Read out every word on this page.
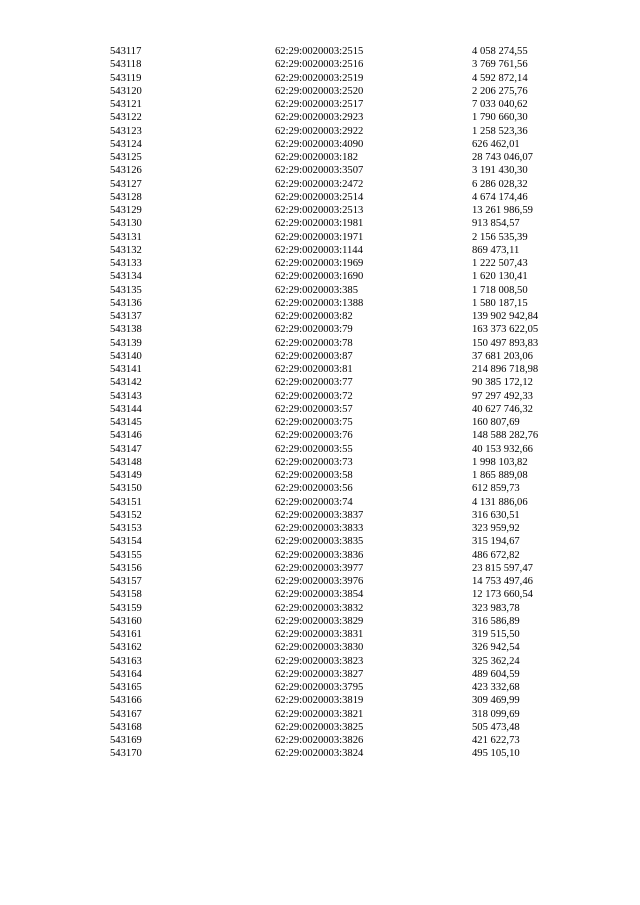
543117	62:29:0020003:2515	4 058 274,55
543118	62:29:0020003:2516	3 769 761,56
543119	62:29:0020003:2519	4 592 872,14
543120	62:29:0020003:2520	2 206 275,76
543121	62:29:0020003:2517	7 033 040,62
543122	62:29:0020003:2923	1 790 660,30
543123	62:29:0020003:2922	1 258 523,36
543124	62:29:0020003:4090	626 462,01
543125	62:29:0020003:182	28 743 046,07
543126	62:29:0020003:3507	3 191 430,30
543127	62:29:0020003:2472	6 286 028,32
543128	62:29:0020003:2514	4 674 174,46
543129	62:29:0020003:2513	13 261 986,59
543130	62:29:0020003:1981	913 854,57
543131	62:29:0020003:1971	2 156 535,39
543132	62:29:0020003:1144	869 473,11
543133	62:29:0020003:1969	1 222 507,43
543134	62:29:0020003:1690	1 620 130,41
543135	62:29:0020003:385	1 718 008,50
543136	62:29:0020003:1388	1 580 187,15
543137	62:29:0020003:82	139 902 942,84
543138	62:29:0020003:79	163 373 622,05
543139	62:29:0020003:78	150 497 893,83
543140	62:29:0020003:87	37 681 203,06
543141	62:29:0020003:81	214 896 718,98
543142	62:29:0020003:77	90 385 172,12
543143	62:29:0020003:72	97 297 492,33
543144	62:29:0020003:57	40 627 746,32
543145	62:29:0020003:75	160 807,69
543146	62:29:0020003:76	148 588 282,76
543147	62:29:0020003:55	40 153 932,66
543148	62:29:0020003:73	1 998 103,82
543149	62:29:0020003:58	1 865 889,08
543150	62:29:0020003:56	612 859,73
543151	62:29:0020003:74	4 131 886,06
543152	62:29:0020003:3837	316 630,51
543153	62:29:0020003:3833	323 959,92
543154	62:29:0020003:3835	315 194,67
543155	62:29:0020003:3836	486 672,82
543156	62:29:0020003:3977	23 815 597,47
543157	62:29:0020003:3976	14 753 497,46
543158	62:29:0020003:3854	12 173 660,54
543159	62:29:0020003:3832	323 983,78
543160	62:29:0020003:3829	316 586,89
543161	62:29:0020003:3831	319 515,50
543162	62:29:0020003:3830	326 942,54
543163	62:29:0020003:3823	325 362,24
543164	62:29:0020003:3827	489 604,59
543165	62:29:0020003:3795	423 332,68
543166	62:29:0020003:3819	309 469,99
543167	62:29:0020003:3821	318 099,69
543168	62:29:0020003:3825	505 473,48
543169	62:29:0020003:3826	421 622,73
543170	62:29:0020003:3824	495 105,10
